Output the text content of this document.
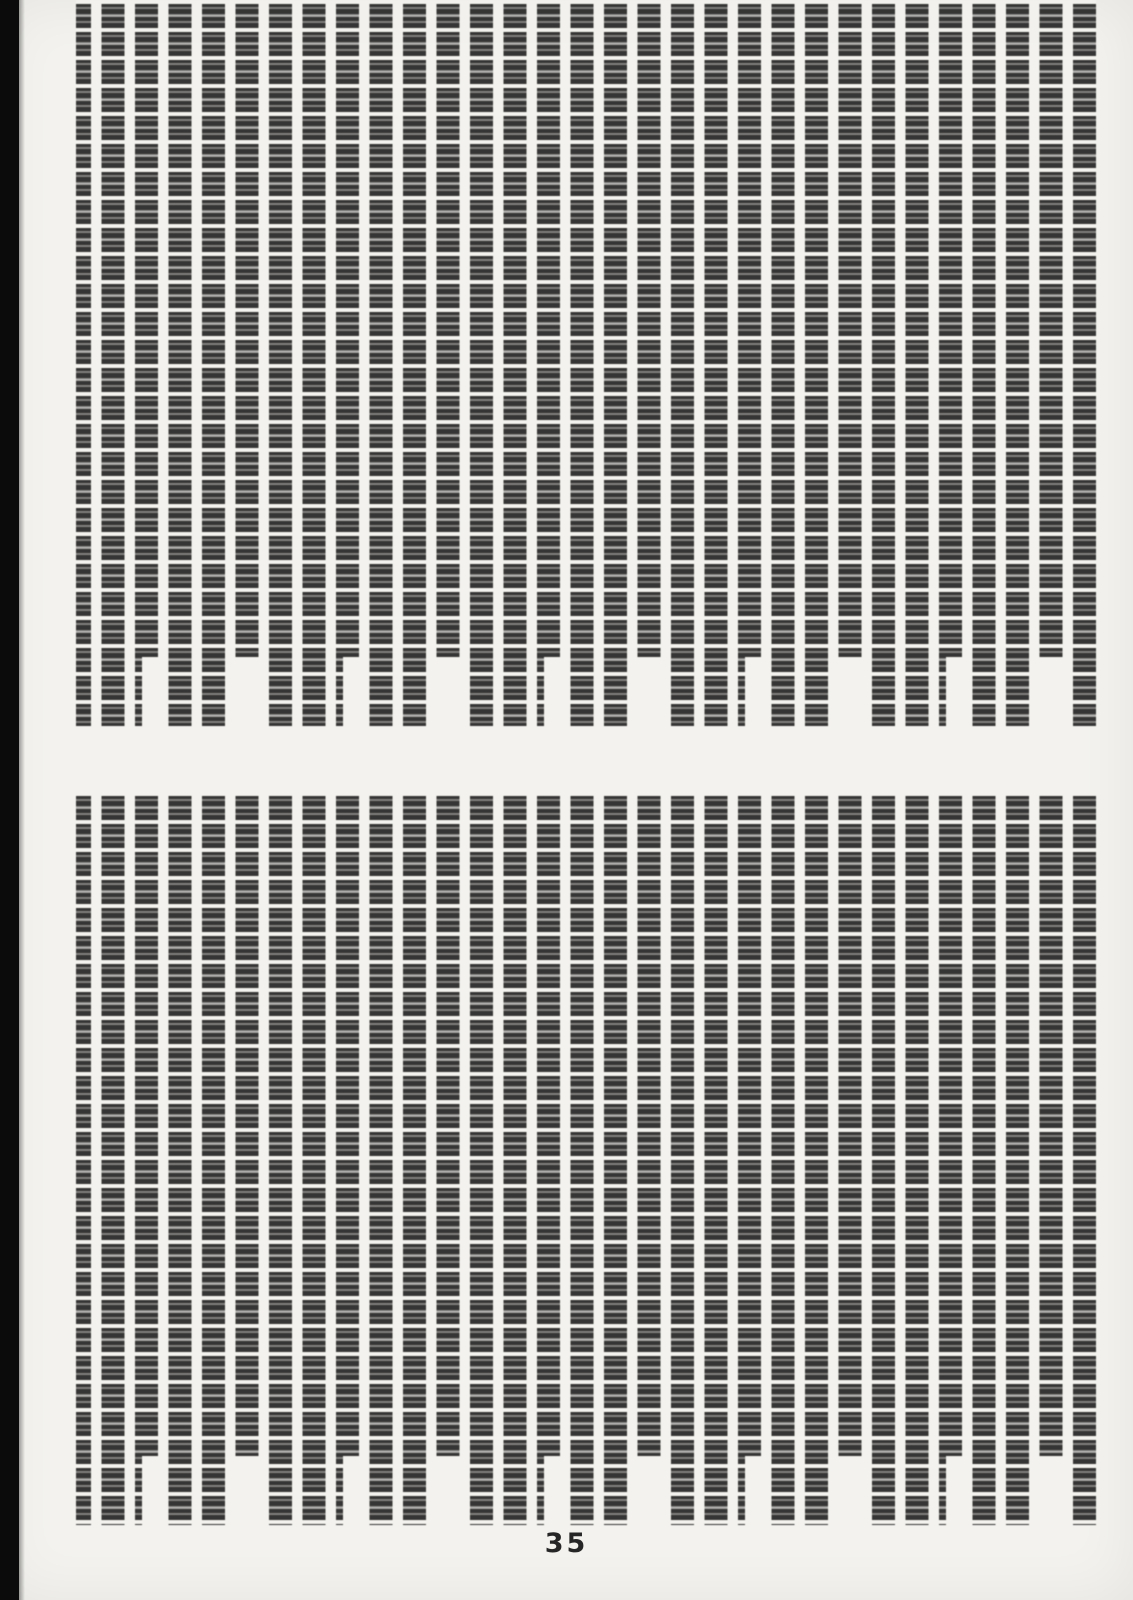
35
